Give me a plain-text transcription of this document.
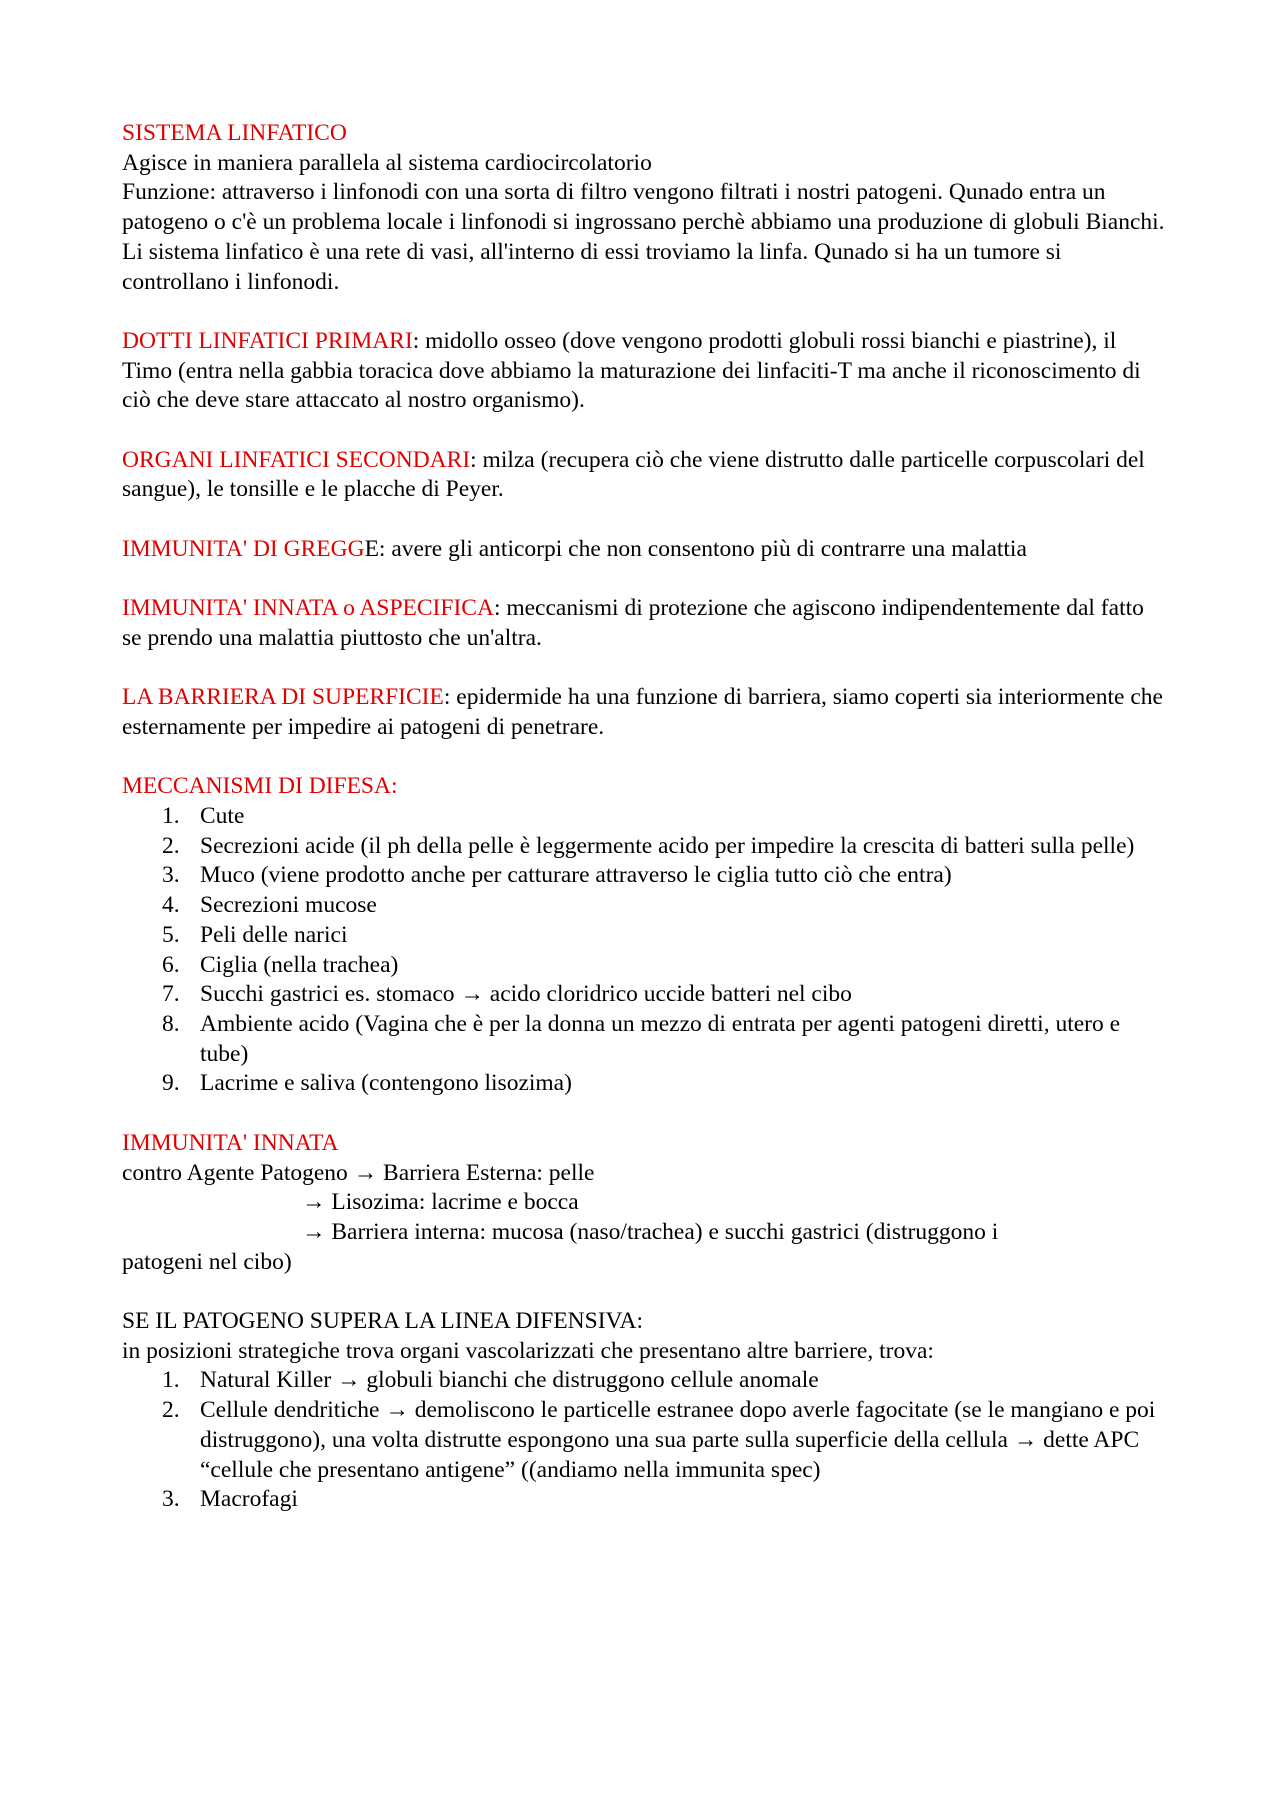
SISTEMA LINFATICO

Agisce in maniera parallela al sistema cardiocircolatorio

Funzione: attraverso i linfonodi con una sorta di filtro vengono filtrati i nostri patogeni. Qunado entra un patogeno o c'è un problema locale i linfonodi si ingrossano perchè abbiamo una produzione di globuli Bianchi.

Li sistema linfatico è una rete di vasi, all'interno di essi troviamo la linfa. Qunado si ha un tumore si controllano i linfonodi.

DOTTI LINFATICI PRIMARI: midollo osseo (dove vengono prodotti globuli rossi bianchi e piastrine), il Timo (entra nella gabbia toracica dove abbiamo la maturazione dei linfaciti-T ma anche il riconoscimento di ciò che deve stare attaccato al nostro organismo).

ORGANI LINFATICI SECONDARI: milza (recupera ciò che viene distrutto dalle particelle corpuscolari del sangue), le tonsille e le placche di Peyer.

IMMUNITA' DI GREGGE: avere gli anticorpi che non consentono più di contrarre una malattia

IMMUNITA' INNATA o ASPECIFICA: meccanismi di protezione che agiscono indipendentemente dal fatto se prendo una malattia piuttosto che un'altra.

LA BARRIERA DI SUPERFICIE: epidermide ha una funzione di barriera, siamo coperti sia interiormente che esternamente per impedire ai patogeni di penetrare.

MECCANISMI DI DIFESA:

1. Cute
2. Secrezioni acide (il ph della pelle è leggermente acido per impedire la crescita di batteri sulla pelle)
3. Muco (viene prodotto anche per catturare attraverso le ciglia tutto ciò che entra)
4. Secrezioni mucose
5. Peli delle narici
6. Ciglia (nella trachea)
7. Succhi gastrici es. stomaco → acido cloridrico uccide batteri nel cibo
8. Ambiente acido (Vagina che è per la donna un mezzo di entrata per agenti patogeni diretti, utero e tube)
9. Lacrime e saliva (contengono lisozima)

IMMUNITA' INNATA

contro Agente Patogeno → Barriera Esterna: pelle

→ Lisozima: lacrime e bocca

→ Barriera interna: mucosa (naso/trachea) e succhi gastrici (distruggono i

patogeni nel cibo)

SE IL PATOGENO SUPERA LA LINEA DIFENSIVA:

in posizioni strategiche trova organi vascolarizzati che presentano altre barriere, trova:

1. Natural Killer → globuli bianchi che distruggono cellule anomale
2. Cellule dendritiche → demoliscono le particelle estranee dopo averle fagocitate (se le mangiano e poi distruggono), una volta distrutte espongono una sua parte sulla superficie della cellula → dette APC “cellule che presentano antigene” ((andiamo nella immunita spec)
3. Macrofagi
